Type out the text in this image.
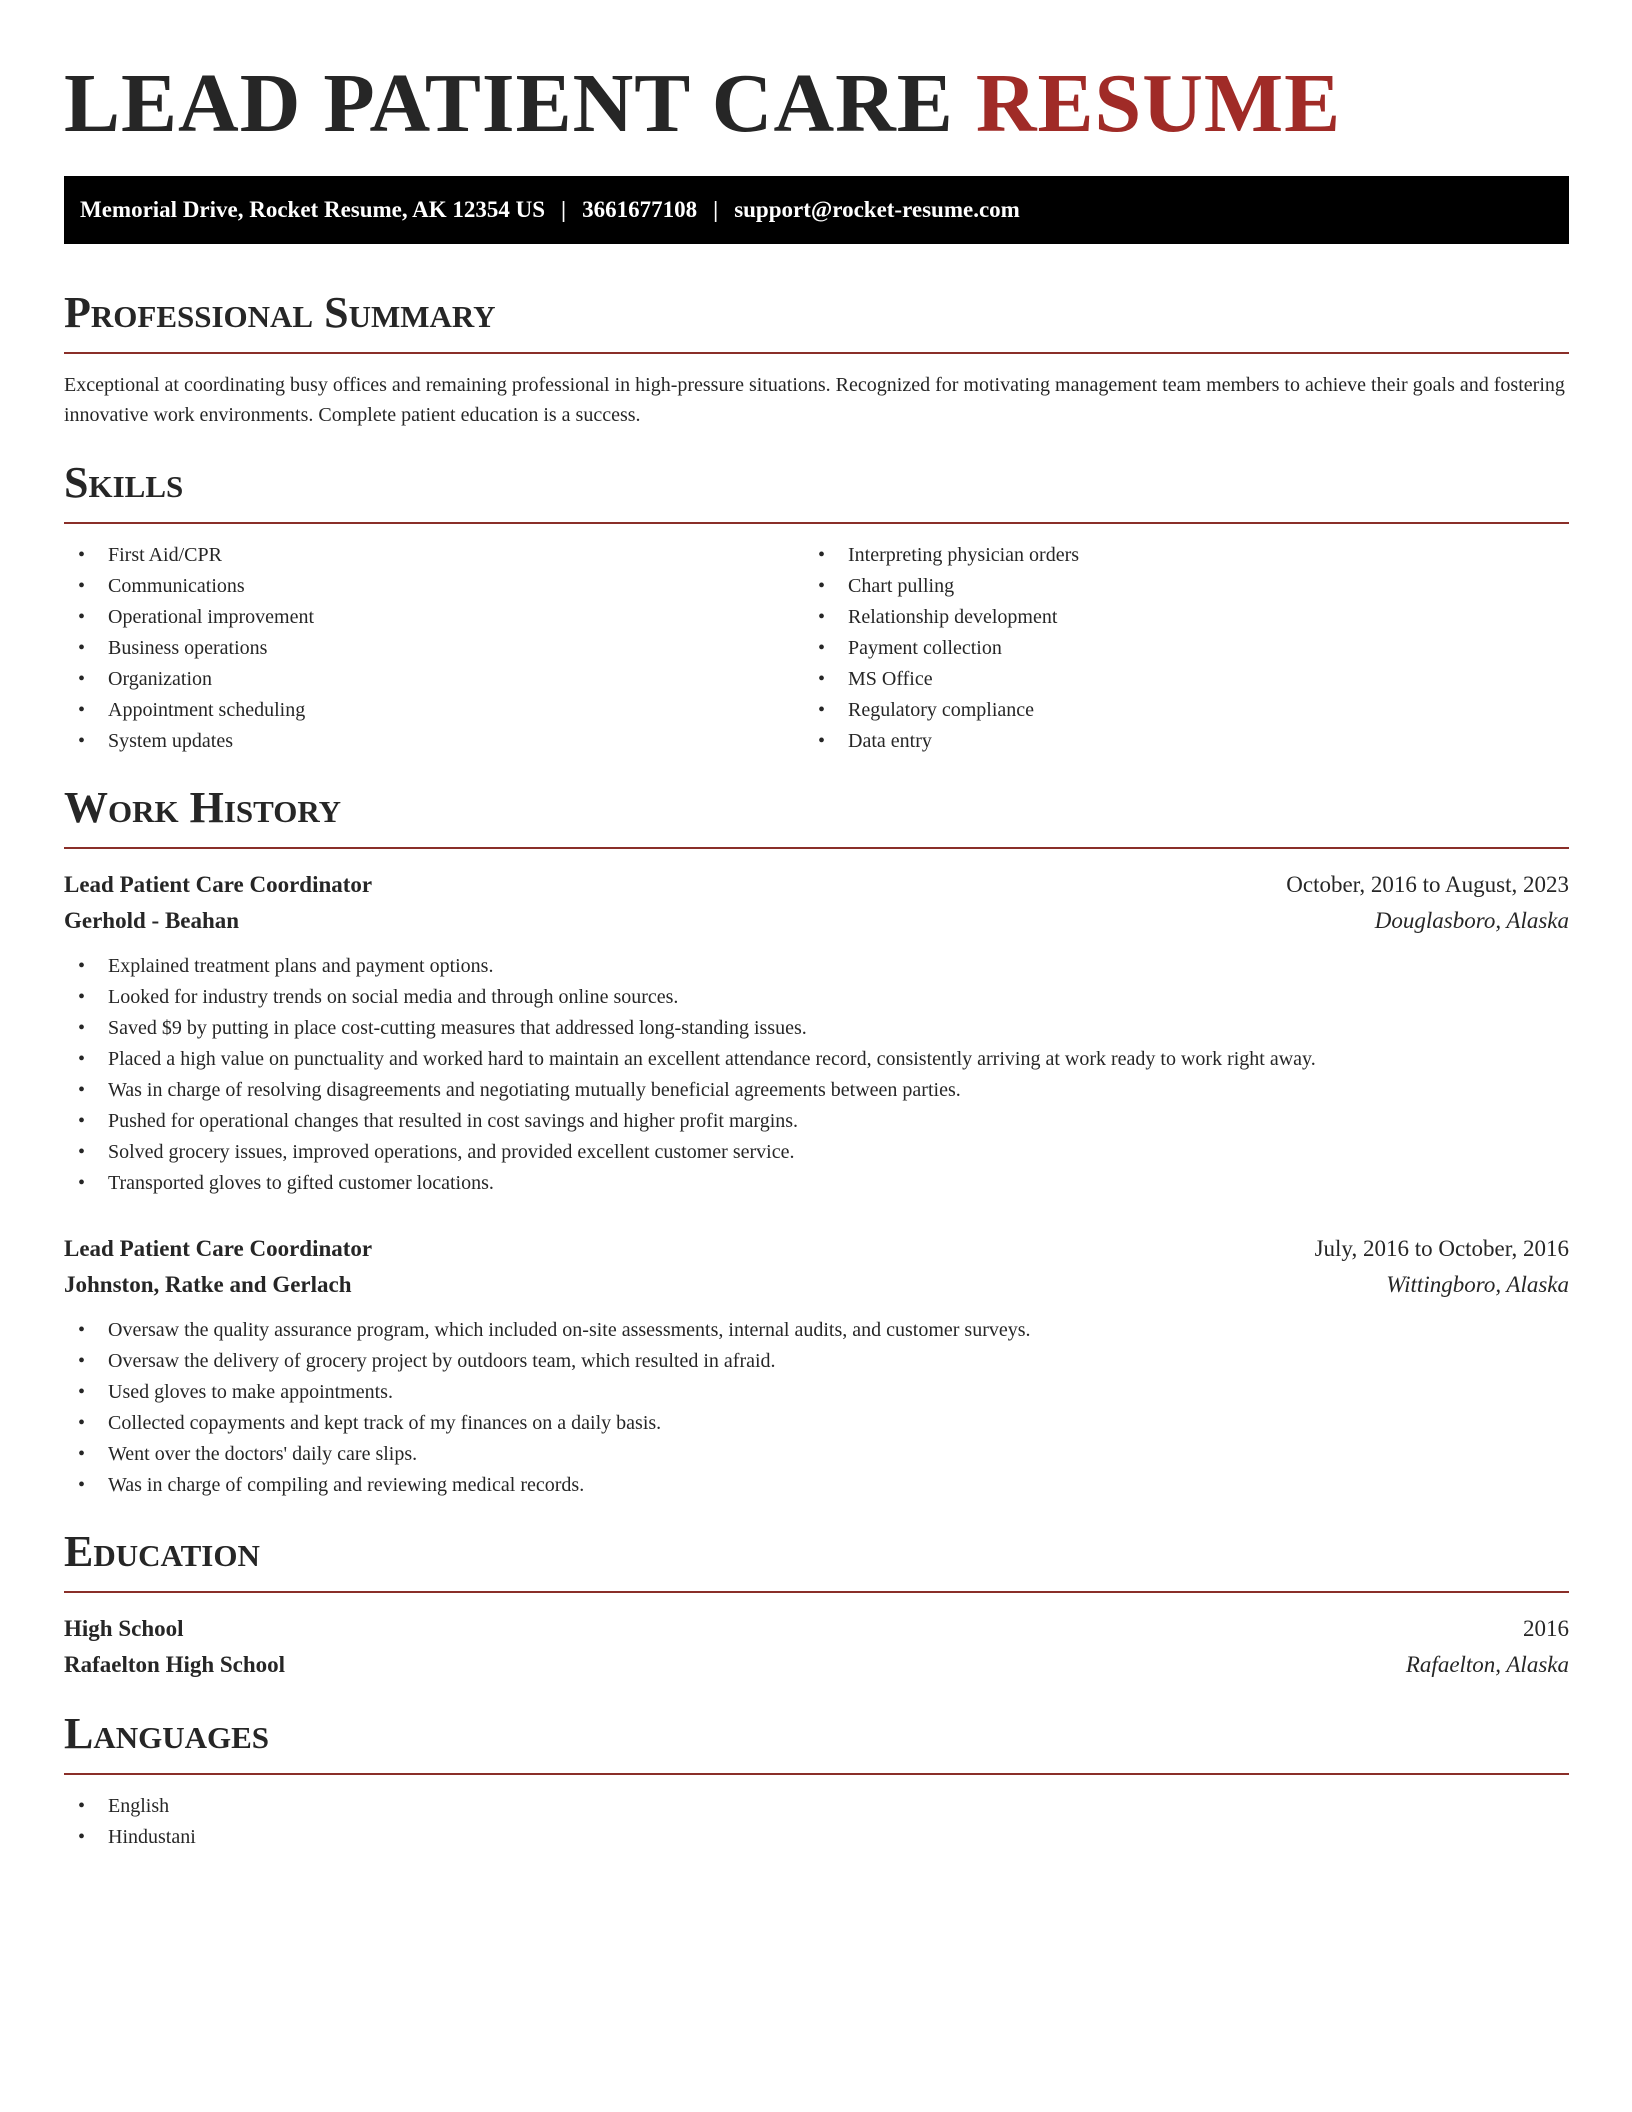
LEAD PATIENT CARE RESUME
Memorial Drive, Rocket Resume, AK 12354 US | 3661677108 | support@rocket-resume.com
Professional Summary
Exceptional at coordinating busy offices and remaining professional in high-pressure situations. Recognized for motivating management team members to achieve their goals and fostering innovative work environments. Complete patient education is a success.
Skills
• First Aid/CPR
• Communications
• Operational improvement
• Business operations
• Organization
• Appointment scheduling
• System updates
• Interpreting physician orders
• Chart pulling
• Relationship development
• Payment collection
• MS Office
• Regulatory compliance
• Data entry
Work History
Lead Patient Care Coordinator	October, 2016 to August, 2023
Gerhold - Beahan	Douglasboro, Alaska
• Explained treatment plans and payment options.
• Looked for industry trends on social media and through online sources.
• Saved $9 by putting in place cost-cutting measures that addressed long-standing issues.
• Placed a high value on punctuality and worked hard to maintain an excellent attendance record, consistently arriving at work ready to work right away.
• Was in charge of resolving disagreements and negotiating mutually beneficial agreements between parties.
• Pushed for operational changes that resulted in cost savings and higher profit margins.
• Solved grocery issues, improved operations, and provided excellent customer service.
• Transported gloves to gifted customer locations.
Lead Patient Care Coordinator	July, 2016 to October, 2016
Johnston, Ratke and Gerlach	Wittingboro, Alaska
• Oversaw the quality assurance program, which included on-site assessments, internal audits, and customer surveys.
• Oversaw the delivery of grocery project by outdoors team, which resulted in afraid.
• Used gloves to make appointments.
• Collected copayments and kept track of my finances on a daily basis.
• Went over the doctors' daily care slips.
• Was in charge of compiling and reviewing medical records.
Education
High School	2016
Rafaelton High School	Rafaelton, Alaska
Languages
• English
• Hindustani
